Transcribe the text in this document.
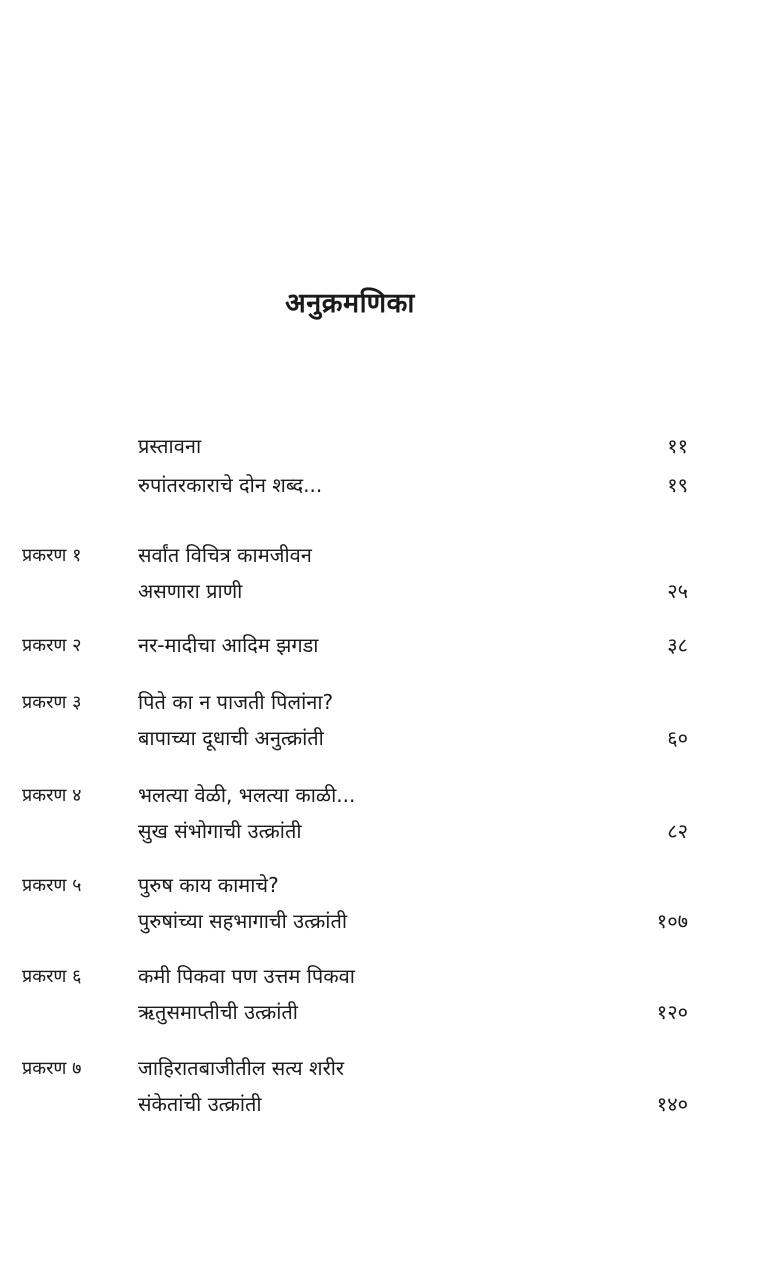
अनुक्रमणिका
प्रस्तावना	११
रुपांतरकाराचे दोन शब्द...	१९
प्रकरण १	सर्वांत विचित्र कामजीवन
असणारा प्राणी	२५
प्रकरण २	नर-मादीचा आदिम झगडा	३८
प्रकरण ३	पिते का न पाजती पिलांना?
बापाच्या दूधाची अनुत्क्रांती	६०
प्रकरण ४	भलत्या वेळी, भलत्या काळी...
सुख संभोगाची उत्क्रांती	८२
प्रकरण ५	पुरुष काय कामाचे?
पुरुषांच्या सहभागाची उत्क्रांती	१०७
प्रकरण ६	कमी पिकवा पण उत्तम पिकवा
ऋतुसमाप्तीची उत्क्रांती	१२०
प्रकरण ७	जाहिरातबाजीतील सत्य शरीर
संकेतांची उत्क्रांती	१४०
